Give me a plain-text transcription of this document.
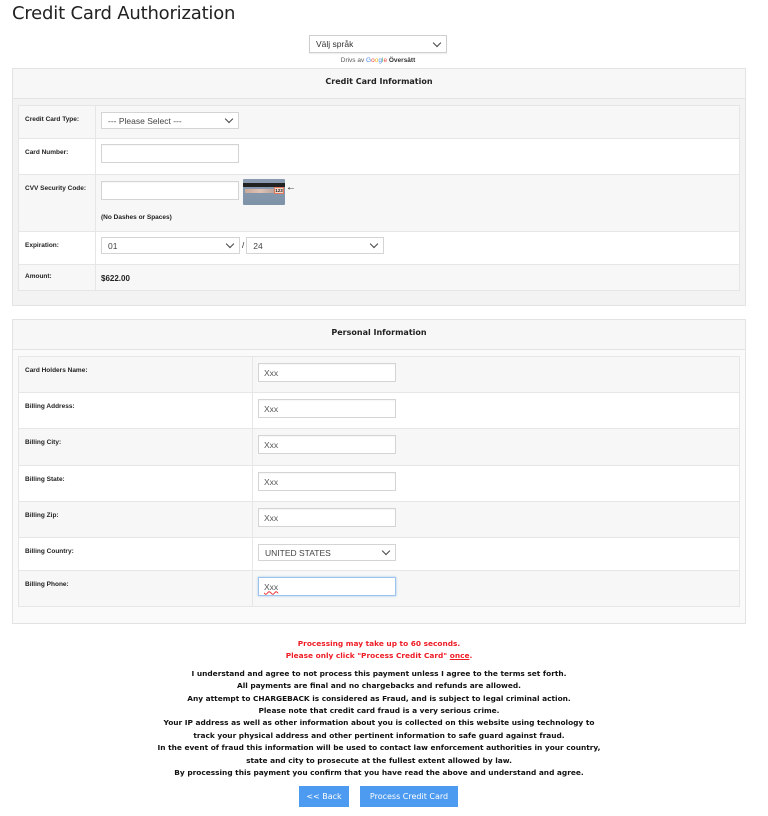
Credit Card Authorization
Välj språk
Drivs av Google Översätt
Credit Card Information
Credit Card Type:	--- Please Select ---

Card Number:	

CVV Security Code:	123 ←
(No Dashes or Spaces)

Expiration:	01 / 24

Amount:	$622.00
Personal Information
Card Holders Name:	Xxx

Billing Address:	Xxx

Billing City:	Xxx

Billing State:	Xxx

Billing Zip:	Xxx

Billing Country:	UNITED STATES

Billing Phone:	Xxx
Processing may take up to 60 seconds.
Please only click "Process Credit Card" once.
I understand and agree to not process this payment unless I agree to the terms set forth.
All payments are final and no chargebacks and refunds are allowed.
Any attempt to CHARGEBACK is considered as Fraud, and is subject to legal criminal action.
Please note that credit card fraud is a very serious crime.
Your IP address as well as other information about you is collected on this website using technology to
track your physical address and other pertinent information to safe guard against fraud.
In the event of fraud this information will be used to contact law enforcement authorities in your country,
state and city to prosecute at the fullest extent allowed by law.
By processing this payment you confirm that you have read the above and understand and agree.
<< Back	Process Credit Card
